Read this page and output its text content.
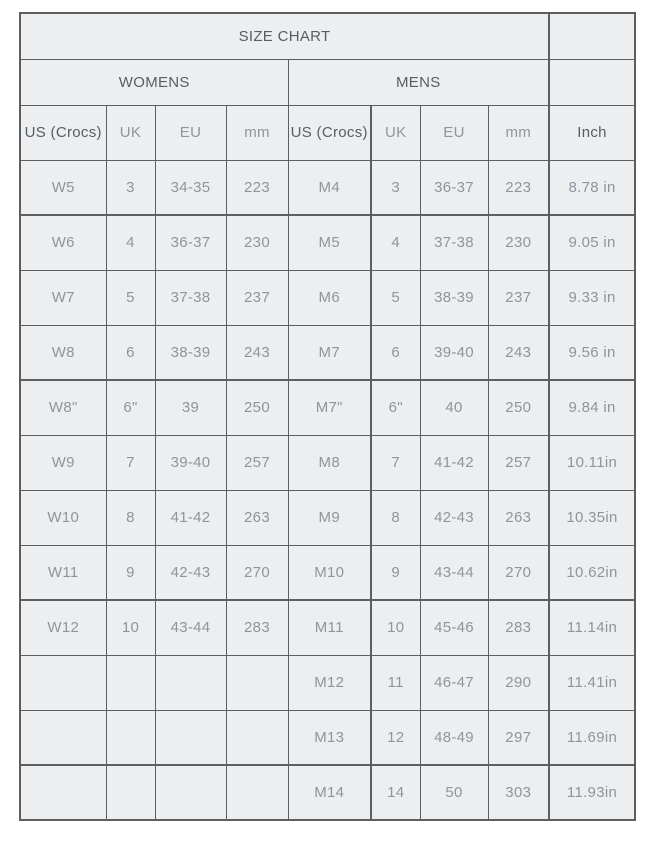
SIZE CHART								
WOMENS				MENS				
US (Crocs)	UK	EU	mm	US (Crocs)	UK	EU	mm	Inch
W5	3	34-35	223	M4	3	36-37	223	8.78 in
W6	4	36-37	230	M5	4	37-38	230	9.05 in
W7	5	37-38	237	M6	5	38-39	237	9.33 in
W8	6	38-39	243	M7	6	39-40	243	9.56 in
W8"	6"	39	250	M7"	6"	40	250	9.84 in
W9	7	39-40	257	M8	7	41-42	257	10.11in
W10	8	41-42	263	M9	8	42-43	263	10.35in
W11	9	42-43	270	M10	9	43-44	270	10.62in
W12	10	43-44	283	M11	10	45-46	283	11.14in
				M12	11	46-47	290	11.41in
				M13	12	48-49	297	11.69in
				M14	14	50	303	11.93in
